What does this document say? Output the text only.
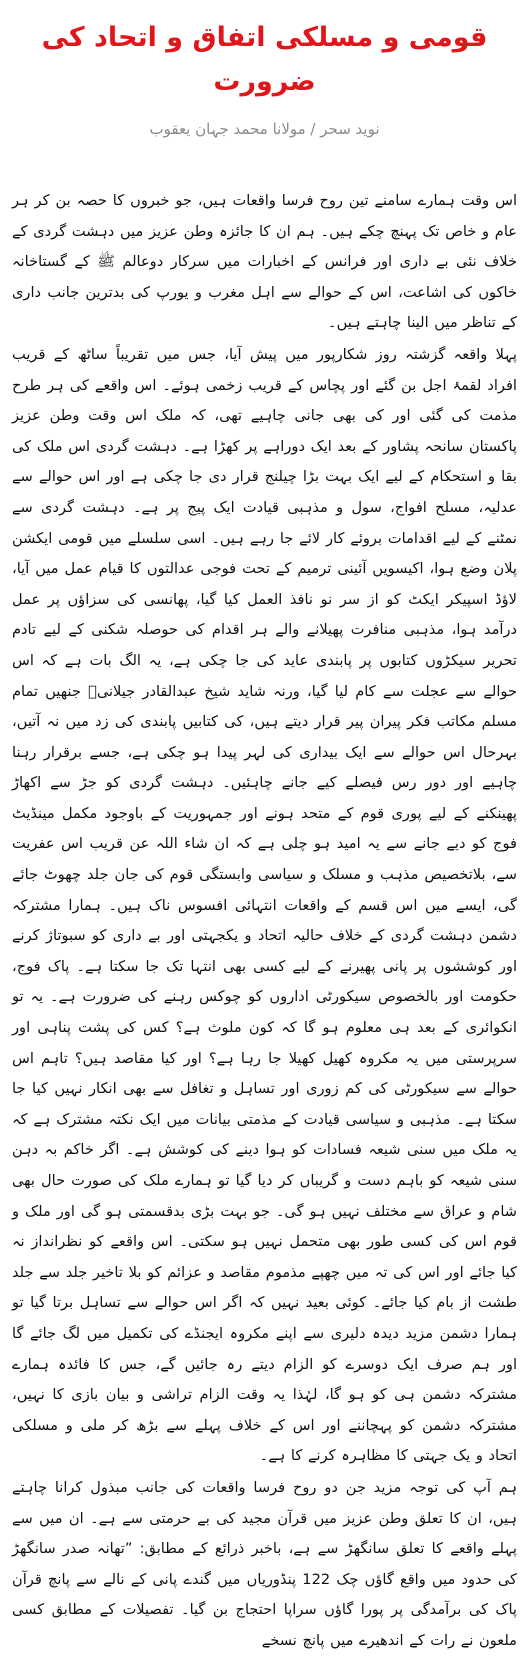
قومی و مسلکی اتفاق و اتحاد کی ضرورت
نوید سحر / مولانا محمد جہان یعقوب

اس وقت ہمارے سامنے تین روح فرسا واقعات ہیں، جو خبروں کا حصہ بن کر ہر عام و خاص تک پہنچ چکے ہیں۔ ہم ان کا جائزہ وطن عزیز میں دہشت گردی کے خلاف نئی بے داری اور فرانس کے اخبارات میں سرکار دوعالم ﷺ کے گستاخانہ خاکوں کی اشاعت، اس کے حوالے سے اہل مغرب و یورپ کی بدترین جانب داری کے تناظر میں الینا چاہتے ہیں۔

پہلا واقعہ گزشتہ روز شکارپور میں پیش آیا، جس میں تقریباً ساٹھ کے قریب افراد لقمۂ اجل بن گئے اور پچاس کے قریب زخمی ہوئے۔ اس واقعے کی ہر طرح مذمت کی گئی اور کی بھی جانی چاہیے تھی، کہ ملک اس وقت وطن عزیز پاکستان سانحہ پشاور کے بعد ایک دوراہے پر کھڑا ہے۔ دہشت گردی اس ملک کی بقا و استحکام کے لیے ایک بہت بڑا چیلنج قرار دی جا چکی ہے اور اس حوالے سے عدلیہ، مسلح افواج، سول و مذہبی قیادت ایک پیج پر ہے۔ دہشت گردی سے نمٹنے کے لیے اقدامات بروئے کار لائے جا رہے ہیں۔ اسی سلسلے میں قومی ایکشن پلان وضع ہوا، اکیسویں آئینی ترمیم کے تحت فوجی عدالتوں کا قیام عمل میں آیا، لاؤڈ اسپیکر ایکٹ کو از سر نو نافذ العمل کیا گیا، پھانسی کی سزاؤں پر عمل درآمد ہوا، مذہبی منافرت پھیلانے والے ہر اقدام کی حوصلہ شکنی کے لیے تادم تحریر سیکڑوں کتابوں پر پابندی عاید کی جا چکی ہے، یہ الگ بات ہے کہ اس حوالے سے عجلت سے کام لیا گیا، ورنہ شاید شیخ عبدالقادر جیلانیؒ جنھیں تمام مسلم مکاتب فکر پیران پیر قرار دیتے ہیں، کی کتابیں پابندی کی زد میں نہ آتیں، بہرحال اس حوالے سے ایک بیداری کی لہر پیدا ہو چکی ہے، جسے برقرار رہنا چاہیے اور دور رس فیصلے کیے جانے چاہئیں۔ دہشت گردی کو جڑ سے اکھاڑ پھینکنے کے لیے پوری قوم کے متحد ہونے اور جمہوریت کے باوجود مکمل مینڈیٹ فوج کو دیے جانے سے یہ امید ہو چلی ہے کہ ان شاء اللہ عن قریب اس عفریت سے، بلاتخصیص مذہب و مسلک و سیاسی وابستگی قوم کی جان جلد چھوٹ جائے گی، ایسے میں اس قسم کے واقعات انتہائی افسوس ناک ہیں۔ ہمارا مشترکہ دشمن دہشت گردی کے خلاف حالیہ اتحاد و یکجہتی اور بے داری کو سبوتاژ کرنے اور کوششوں پر پانی پھیرنے کے لیے کسی بھی انتہا تک جا سکتا ہے۔ پاک فوج، حکومت اور بالخصوص سیکورٹی اداروں کو چوکس رہنے کی ضرورت ہے۔ یہ تو انکوائری کے بعد ہی معلوم ہو گا کہ کون ملوث ہے؟ کس کی پشت پناہی اور سرپرستی میں یہ مکروہ کھیل کھیلا جا رہا ہے؟ اور کیا مقاصد ہیں؟ تاہم اس حوالے سے سیکورٹی کی کم زوری اور تساہل و تغافل سے بھی انکار نہیں کیا جا سکتا ہے۔ مذہبی و سیاسی قیادت کے مذمتی بیانات میں ایک نکتہ مشترک ہے کہ یہ ملک میں سنی شیعہ فسادات کو ہوا دینے کی کوشش ہے۔ اگر خاکم بہ دہن سنی شیعہ کو باہم دست و گریباں کر دیا گیا تو ہمارے ملک کی صورت حال بھی شام و عراق سے مختلف نہیں ہو گی۔ جو بہت بڑی بدقسمتی ہو گی اور ملک و قوم اس کی کسی طور بھی متحمل نہیں ہو سکتی۔ اس واقعے کو نظرانداز نہ کیا جائے اور اس کی تہ میں چھپے مذموم مقاصد و عزائم کو بلا تاخیر جلد سے جلد طشت از بام کیا جائے۔ کوئی بعید نہیں کہ اگر اس حوالے سے تساہل برتا گیا تو ہمارا دشمن مزید دیدہ دلیری سے اپنے مکروہ ایجنڈے کی تکمیل میں لگ جائے گا اور ہم صرف ایک دوسرے کو الزام دیتے رہ جائیں گے، جس کا فائدہ ہمارے مشترکہ دشمن ہی کو ہو گا، لہٰذا یہ وقت الزام تراشی و بیان بازی کا نہیں، مشترکہ دشمن کو پہچاننے اور اس کے خلاف پہلے سے بڑھ کر ملی و مسلکی اتحاد و یک جہتی کا مظاہرہ کرنے کا ہے۔

ہم آپ کی توجہ مزید جن دو روح فرسا واقعات کی جانب مبذول کرانا چاہتے ہیں، ان کا تعلق وطن عزیز میں قرآن مجید کی بے حرمتی سے ہے۔ ان میں سے پہلے واقعے کا تعلق سانگھڑ سے ہے، باخبر ذرائع کے مطابق: ”تھانہ صدر سانگھڑ کی حدود میں واقع گاؤں چک 122 پنڈوریاں میں گندے پانی کے نالے سے پانچ قرآن پاک کی برآمدگی پر پورا گاؤں سراپا احتجاج بن گیا۔ تفصیلات کے مطابق کسی ملعون نے رات کے اندھیرے میں پانچ نسخے
